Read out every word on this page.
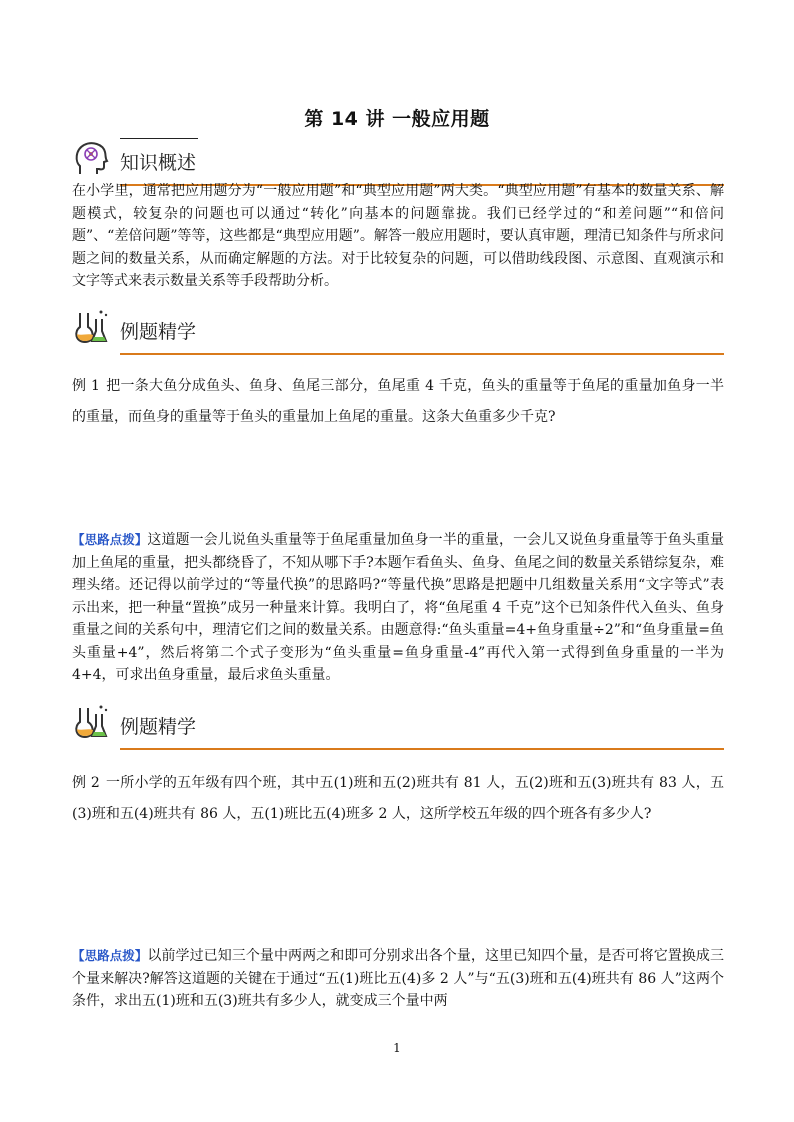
第 14 讲 一般应用题
知识概述
在小学里，通常把应用题分为“一般应用题”和“典型应用题”两大类。“典型应用题”有基本的数量关系、解题模式，较复杂的问题也可以通过“转化”向基本的问题靠拢。我们已经学过的“和差问题”“和倍问题”、“差倍问题”等等，这些都是“典型应用题”。解答一般应用题时，要认真审题，理清已知条件与所求问题之间的数量关系，从而确定解题的方法。对于比较复杂的问题，可以借助线段图、示意图、直观演示和文字等式来表示数量关系等手段帮助分析。
例题精学
例 1 把一条大鱼分成鱼头、鱼身、鱼尾三部分，鱼尾重 4 千克，鱼头的重量等于鱼尾的重量加鱼身一半的重量，而鱼身的重量等于鱼头的重量加上鱼尾的重量。这条大鱼重多少千克?
【思路点拨】这道题一会儿说鱼头重量等于鱼尾重量加鱼身一半的重量，一会儿又说鱼身重量等于鱼头重量加上鱼尾的重量，把头都绕昏了，不知从哪下手?本题乍看鱼头、鱼身、鱼尾之间的数量关系错综复杂，难理头绪。还记得以前学过的“等量代换”的思路吗?“等量代换”思路是把题中几组数量关系用“文字等式”表示出来，把一种量“置换”成另一种量来计算。我明白了，将“鱼尾重 4 千克”这个已知条件代入鱼头、鱼身重量之间的关系句中，理清它们之间的数量关系。由题意得:“鱼头重量=4+鱼身重量÷2”和“鱼身重量=鱼头重量+4”，然后将第二个式子变形为“鱼头重量=鱼身重量-4”再代入第一式得到鱼身重量的一半为 4+4，可求出鱼身重量，最后求鱼头重量。
例题精学
例 2 一所小学的五年级有四个班，其中五(1)班和五(2)班共有 81 人，五(2)班和五(3)班共有 83 人，五(3)班和五(4)班共有 86 人，五(1)班比五(4)班多 2 人，这所学校五年级的四个班各有多少人?
【思路点拨】以前学过已知三个量中两两之和即可分别求出各个量，这里已知四个量，是否可将它置换成三个量来解决?解答这道题的关键在于通过“五(1)班比五(4)多 2 人”与“五(3)班和五(4)班共有 86 人”这两个条件，求出五(1)班和五(3)班共有多少人，就变成三个量中两
1
